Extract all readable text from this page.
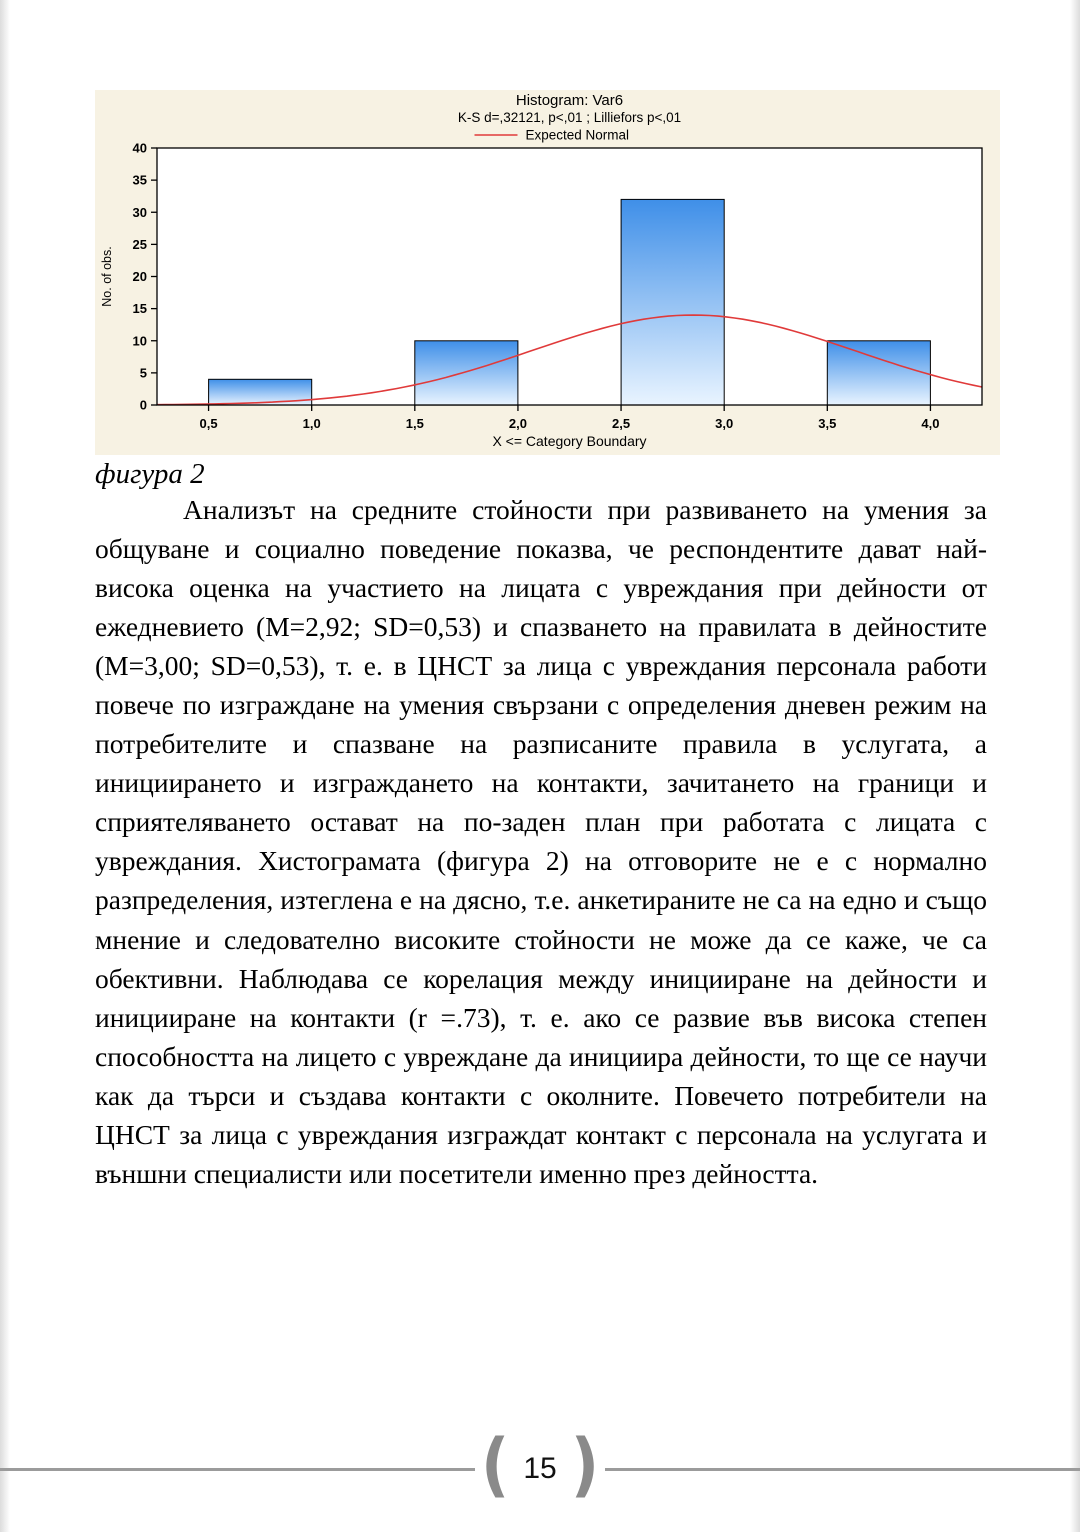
0
5
10
15
20
25
30
35
40
0,5	1,0	1,5	2,0	2,5	3,0	3,5	4,0
Histogram: Var6
K-S d=,32121, p<,01 ; Lilliefors p<,01
Expected Normal
No. of obs.
X <= Category Boundary
фигура 2

Анализът на средните стойности при развиването на умения за общуване и социално поведение показва, че респондентите дават най-висока оценка на участието на лицата с увреждания при дейности от ежедневието (М=2,92; SD=0,53) и спазването на правилата в дейностите (М=3,00; SD=0,53), т. е. в ЦНСТ за лица с увреждания персонала работи повече по изграждане на умения свързани с определения дневен режим на потребителите и спазване на разписаните правила в услугата, а инициирането и изграждането на контакти, зачитането на граници и сприятеляването остават на по-заден план при работата с лицата с увреждания. Хистограмата (фигура 2) на отговорите не е с нормално разпределения, изтеглена е на дясно, т.е. анкетираните не са на едно и също мнение и следователно високите стойности не може да се каже, че са обективни. Наблюдава се корелация между иницииране на дейности и иницииране на контакти (r =.73), т. е. ако се развие във висока степен способността на лицето с увреждане да инициира дейности, то ще се научи как да търси и създава контакти с околните. Повечето потребители на ЦНСТ за лица с увреждания изграждат контакт с персонала на услугата и външни специалисти или посетители именно през дейността.

( 15 )
